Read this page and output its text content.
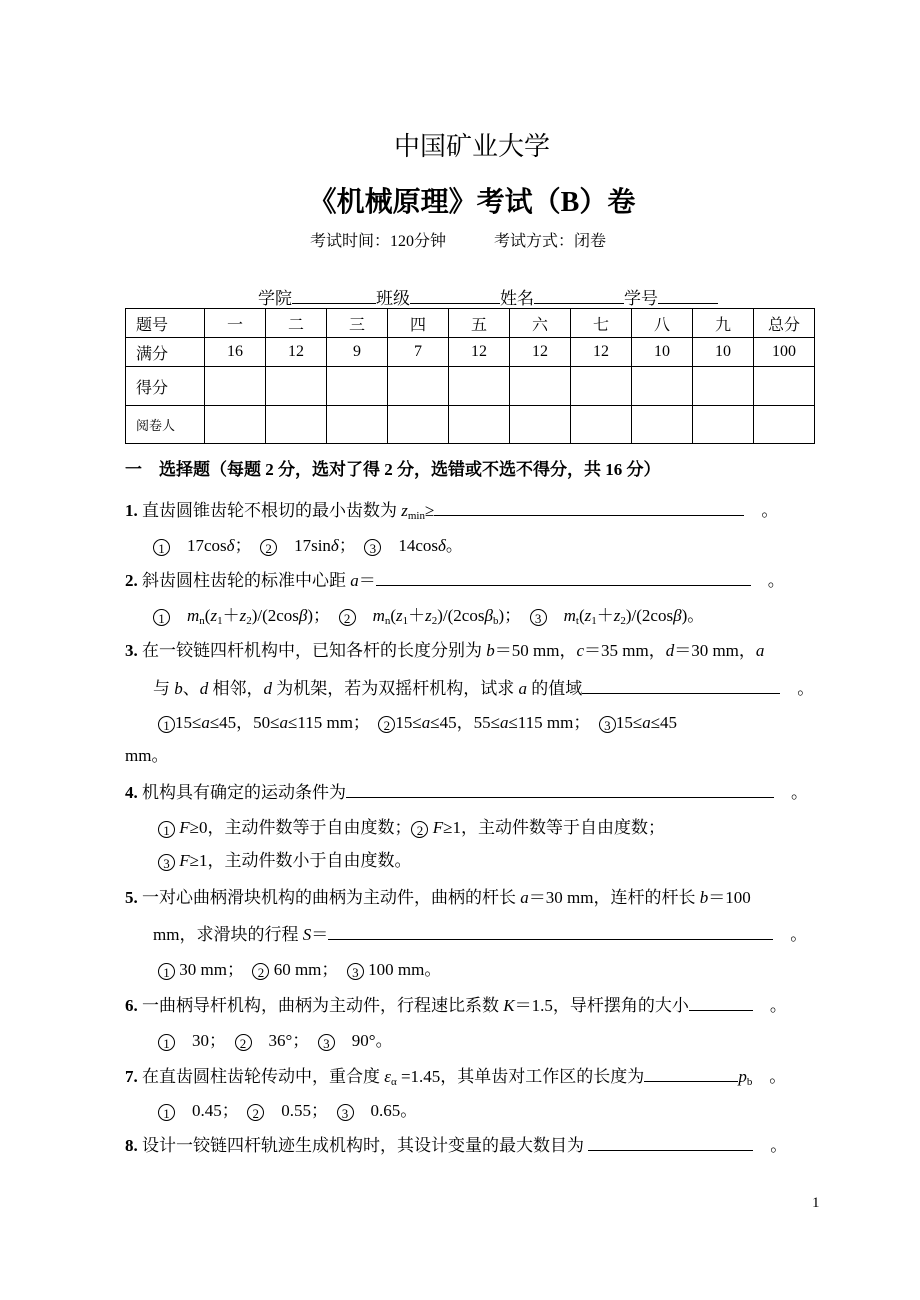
中国矿业大学
《机械原理》考试（B）卷
考试时间：120分钟   	考试方式：闭卷
学院	班级	姓名	学号
题号	一	二	三	四	五	六	七	八	九	总分
满分	16	12	9	7	12	12	12	10	10	100
得分										
阅卷人										
一　选择题（每题 2 分，选对了得 2 分，选错或不选不得分，共 16 分）
1. 直齿圆锥齿轮不根切的最小齿数为 $z_{min}\ge$	　。
1　17cosδ；　2　17sinδ；　3　14cosδ。
2. 斜齿圆柱齿轮的标准中心距 a＝	　。
1　 $m_n(z_1+z_2)/(2\cos\beta)$；　2　 $m_n(z_1+z_2)/(2\cos\beta_b)$；　3　 $m_t(z_1+z_2)/(2\cos\beta)$。
3. 在一铰链四杆机构中，已知各杆的长度分别为 b＝50 mm，c＝35 mm，d＝30 mm，a
与 b、d 相邻，d 为机架，若为双摇杆机构，试求 a 的值域	　。
1 15≤a≤45，50≤a≤115 mm；　2 15≤a≤45，55≤a≤115 mm；　3 15≤a≤45
mm。
4. 机构具有确定的运动条件为	　。
1 F≥0，主动件数等于自由度数； 2 F≥1，主动件数等于自由度数；
3 F≥1，主动件数小于自由度数。
5. 一对心曲柄滑块机构的曲柄为主动件，曲柄的杆长 a＝30 mm，连杆的杆长 b＝100
mm，求滑块的行程 S＝	　。
1 30 mm；　2 60 mm；　3 100 mm。
6. 一曲柄导杆机构，曲柄为主动件，行程速比系数 K＝1.5，导杆摆角的大小	　。
1　30；　2　36°；　3　90°。
7. 在直齿圆柱齿轮传动中，重合度 $\varepsilon_\alpha =1.45$，其单齿对工作区的长度为	$p_b$　。
1　0.45；　2　0.55；　3　0.65。
8. 设计一铰链四杆轨迹生成机构时，其设计变量的最大数目为	　。
1
